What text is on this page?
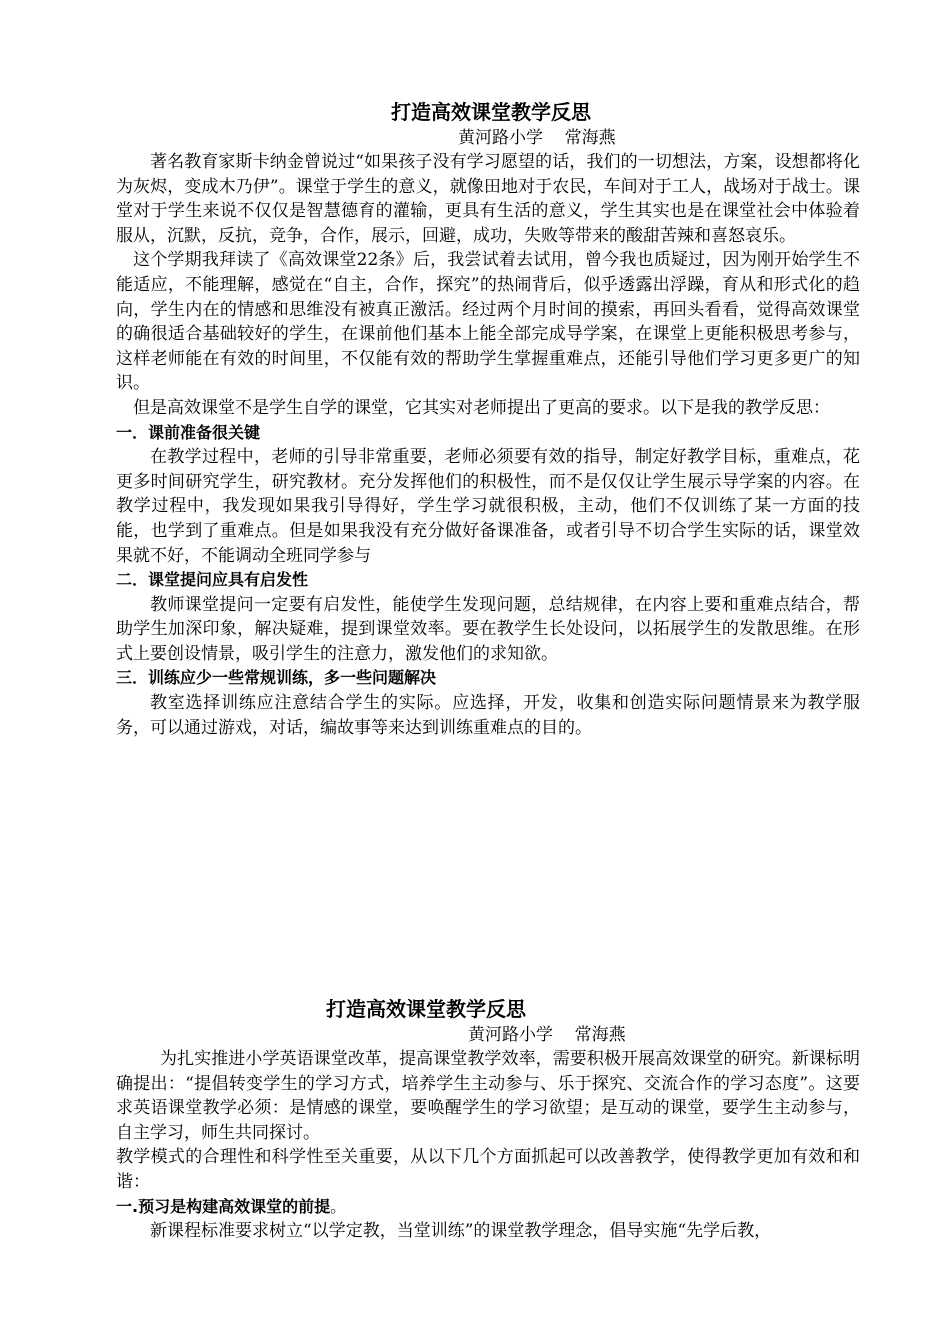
打造高效课堂教学反思
黄河路小学    常海燕

著名教育家斯卡纳金曾说过“如果孩子没有学习愿望的话，我们的一切想法，方案，设想都将化为灰烬，变成木乃伊”。课堂于学生的意义，就像田地对于农民，车间对于工人，战场对于战士。课堂对于学生来说不仅仅是智慧德育的灌输，更具有生活的意义，学生其实也是在课堂社会中体验着服从，沉默，反抗，竞争，合作，展示，回避，成功，失败等带来的酸甜苦辣和喜怒哀乐。

这个学期我拜读了《高效课堂22条》后，我尝试着去试用，曾今我也质疑过，因为刚开始学生不能适应，不能理解，感觉在“自主，合作，探究”的热闹背后，似乎透露出浮躁，育从和形式化的趋向，学生内在的情感和思维没有被真正激活。经过两个月时间的摸索，再回头看看，觉得高效课堂的确很适合基础较好的学生，在课前他们基本上能全部完成导学案，在课堂上更能积极思考参与，这样老师能在有效的时间里，不仅能有效的帮助学生掌握重难点，还能引导他们学习更多更广的知识。

但是高效课堂不是学生自学的课堂，它其实对老师提出了更高的要求。以下是我的教学反思：

一．课前准备很关键

在教学过程中，老师的引导非常重要，老师必须要有效的指导，制定好教学目标，重难点，花更多时间研究学生，研究教材。充分发挥他们的积极性，而不是仅仅让学生展示导学案的内容。在教学过程中，我发现如果我引导得好，学生学习就很积极，主动，他们不仅训练了某一方面的技能，也学到了重难点。但是如果我没有充分做好备课准备，或者引导不切合学生实际的话，课堂效果就不好，不能调动全班同学参与

二．课堂提问应具有启发性

教师课堂提问一定要有启发性，能使学生发现问题，总结规律，在内容上要和重难点结合，帮助学生加深印象，解决疑难，提到课堂效率。要在教学生长处设问，以拓展学生的发散思维。在形式上要创设情景，吸引学生的注意力，激发他们的求知欲。

三．训练应少一些常规训练，多一些问题解决

教室选择训练应注意结合学生的实际。应选择，开发，收集和创造实际问题情景来为教学服务，可以通过游戏，对话，编故事等来达到训练重难点的目的。

打造高效课堂教学反思
黄河路小学    常海燕

为扎实推进小学英语课堂改革，提高课堂教学效率，需要积极开展高效课堂的研究。新课标明确提出：“提倡转变学生的学习方式，培养学生主动参与、乐于探究、交流合作的学习态度”。这要求英语课堂教学必须：是情感的课堂，要唤醒学生的学习欲望；是互动的课堂，要学生主动参与，自主学习，师生共同探讨。

教学模式的合理性和科学性至关重要，从以下几个方面抓起可以改善教学，使得教学更加有效和和谐：

一.预习是构建高效课堂的前提。

新课程标准要求树立“以学定教，当堂训练”的课堂教学理念，倡导实施“先学后教，
